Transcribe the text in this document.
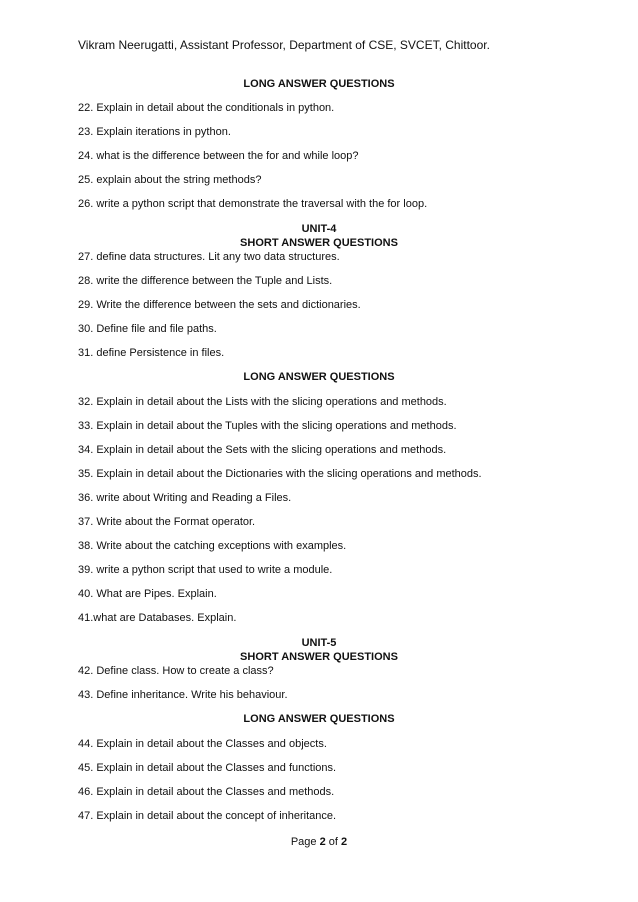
Vikram Neerugatti, Assistant Professor, Department of CSE, SVCET, Chittoor.
LONG ANSWER QUESTIONS
22. Explain in detail about the conditionals in python.
23. Explain iterations in python.
24. what is the difference between the for and while loop?
25. explain about the string methods?
26. write a python script that demonstrate the traversal with the for loop.
UNIT-4
SHORT ANSWER QUESTIONS
27. define data structures. Lit any two data structures.
28. write the difference between the Tuple and Lists.
29. Write the difference between the sets and dictionaries.
30. Define file and file paths.
31. define Persistence in files.
LONG ANSWER QUESTIONS
32. Explain in detail about the Lists with the slicing operations and methods.
33. Explain in detail about the Tuples with the slicing operations and methods.
34. Explain in detail about the Sets with the slicing operations and methods.
35. Explain in detail about the Dictionaries with the slicing operations and methods.
36. write about Writing and Reading a Files.
37. Write about the Format operator.
38. Write about the catching exceptions with examples.
39. write a python script that used to write a module.
40. What are Pipes. Explain.
41.what are Databases. Explain.
UNIT-5
SHORT ANSWER QUESTIONS
42. Define class. How to create a class?
43. Define inheritance. Write his behaviour.
LONG ANSWER QUESTIONS
44. Explain in detail about the Classes and objects.
45. Explain in detail about the Classes and functions.
46. Explain in detail about the Classes and methods.
47. Explain in detail about the concept of inheritance.
Page 2 of 2
